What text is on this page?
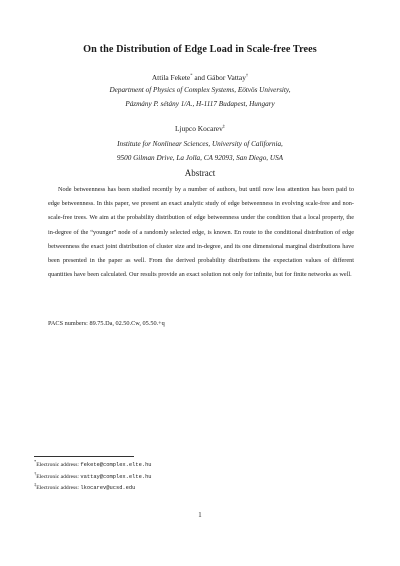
On the Distribution of Edge Load in Scale-free Trees
Attila Fekete* and Gábor Vattay†
Department of Physics of Complex Systems, Eötvös University,
Pázmány P. sétány 1/A., H-1117 Budapest, Hungary
Ljupco Kocarev‡
Institute for Nonlinear Sciences, University of California,
9500 Gilman Drive, La Jolla, CA 92093, San Diego, USA
Abstract
Node betweenness has been studied recently by a number of authors, but until now less attention has been paid to edge betweenness. In this paper, we present an exact analytic study of edge betweenness in evolving scale-free and non-scale-free trees. We aim at the probability distribution of edge betweenness under the condition that a local property, the in-degree of the “younger” node of a randomly selected edge, is known. En route to the conditional distribution of edge betweenness the exact joint distribution of cluster size and in-degree, and its one dimensional marginal distributions have been presented in the paper as well. From the derived probability distributions the expectation values of different quantities have been calculated. Our results provide an exact solution not only for infinite, but for finite networks as well.
PACS numbers: 89.75.Da, 02.50.Cw, 05.50.+q
*Electronic address: fekete@complex.elte.hu
†Electronic address: vattay@complex.elte.hu
‡Electronic address: lkocarev@ucsd.edu
1
